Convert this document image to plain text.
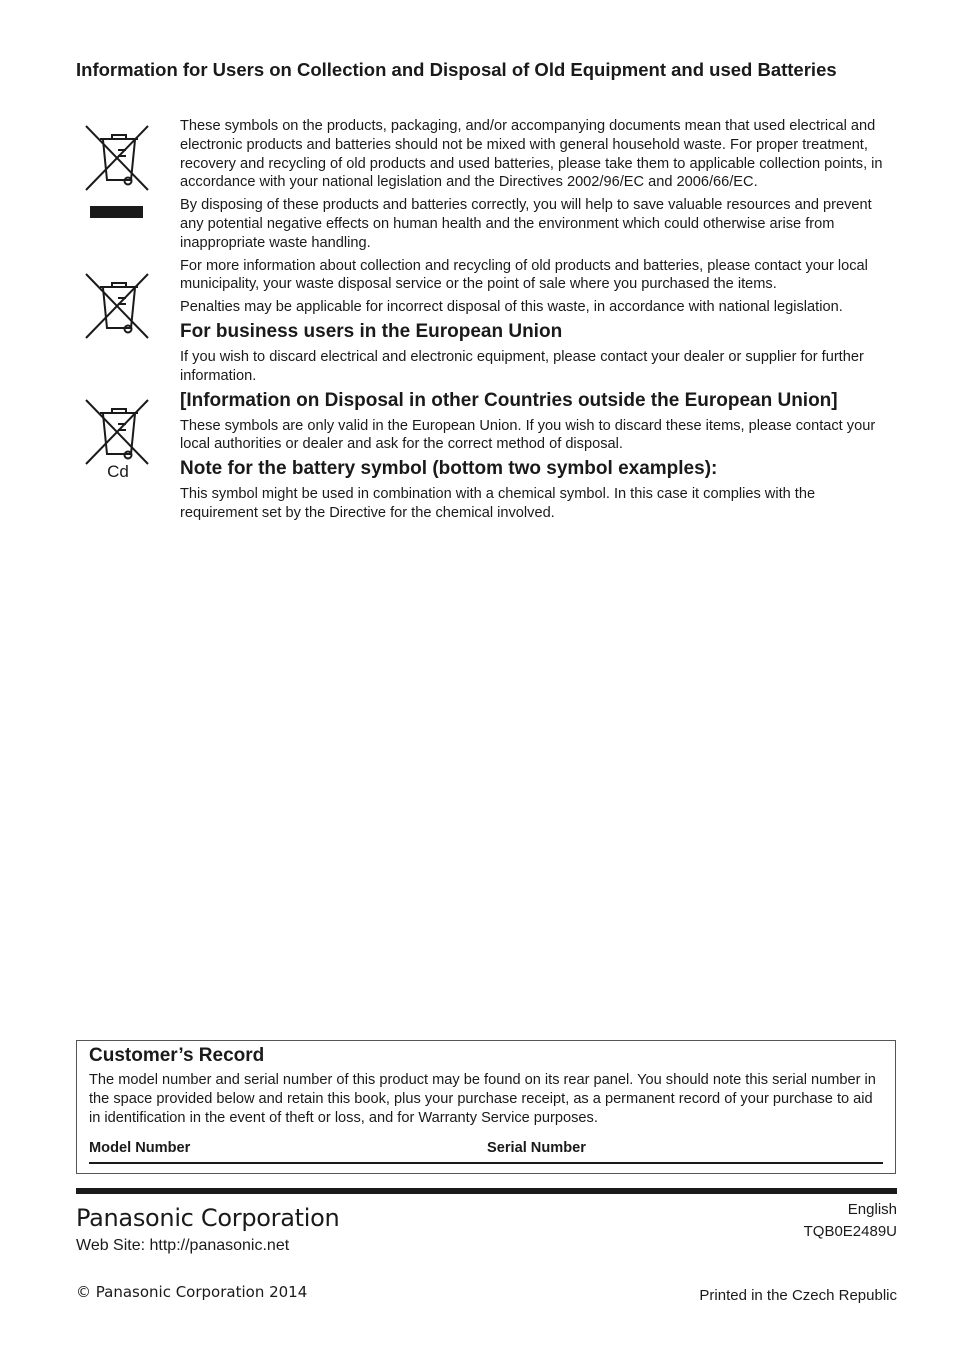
Information for Users on Collection and Disposal of Old Equipment and used Batteries
Cd

These symbols on the products, packaging, and/or accompanying documents mean that used electrical and electronic products and batteries should not be mixed with general household waste. For proper treatment, recovery and recycling of old products and used batteries, please take them to applicable collection points, in accordance with your national legislation and the Directives 2002/96/EC and 2006/66/EC.

By disposing of these products and batteries correctly, you will help to save valuable resources and prevent any potential negative effects on human health and the environment which could otherwise arise from inappropriate waste handling.

For more information about collection and recycling of old products and batteries, please contact your local municipality, your waste disposal service or the point of sale where you purchased the items.

Penalties may be applicable for incorrect disposal of this waste, in accordance with national legislation.

For business users in the European Union

If you wish to discard electrical and electronic equipment, please contact your dealer or supplier for further information.

[Information on Disposal in other Countries outside the European Union]

These symbols are only valid in the European Union. If you wish to discard these items, please contact your local authorities or dealer and ask for the correct method of disposal.

Note for the battery symbol (bottom two symbol examples):

This symbol might be used in combination with a chemical symbol. In this case it complies with the requirement set by the Directive for the chemical involved.

Customer’s Record

The model number and serial number of this product may be found on its rear panel. You should note this serial number in the space provided below and retain this book, plus your purchase receipt, as a permanent record of your purchase to aid in identification in the event of theft or loss, and for Warranty Service purposes.

Model Number	Serial Number
Panasonic Corporation
Web Site: http://panasonic.net
English
TQB0E2489U
© Panasonic Corporation 2014	Printed in the Czech Republic
